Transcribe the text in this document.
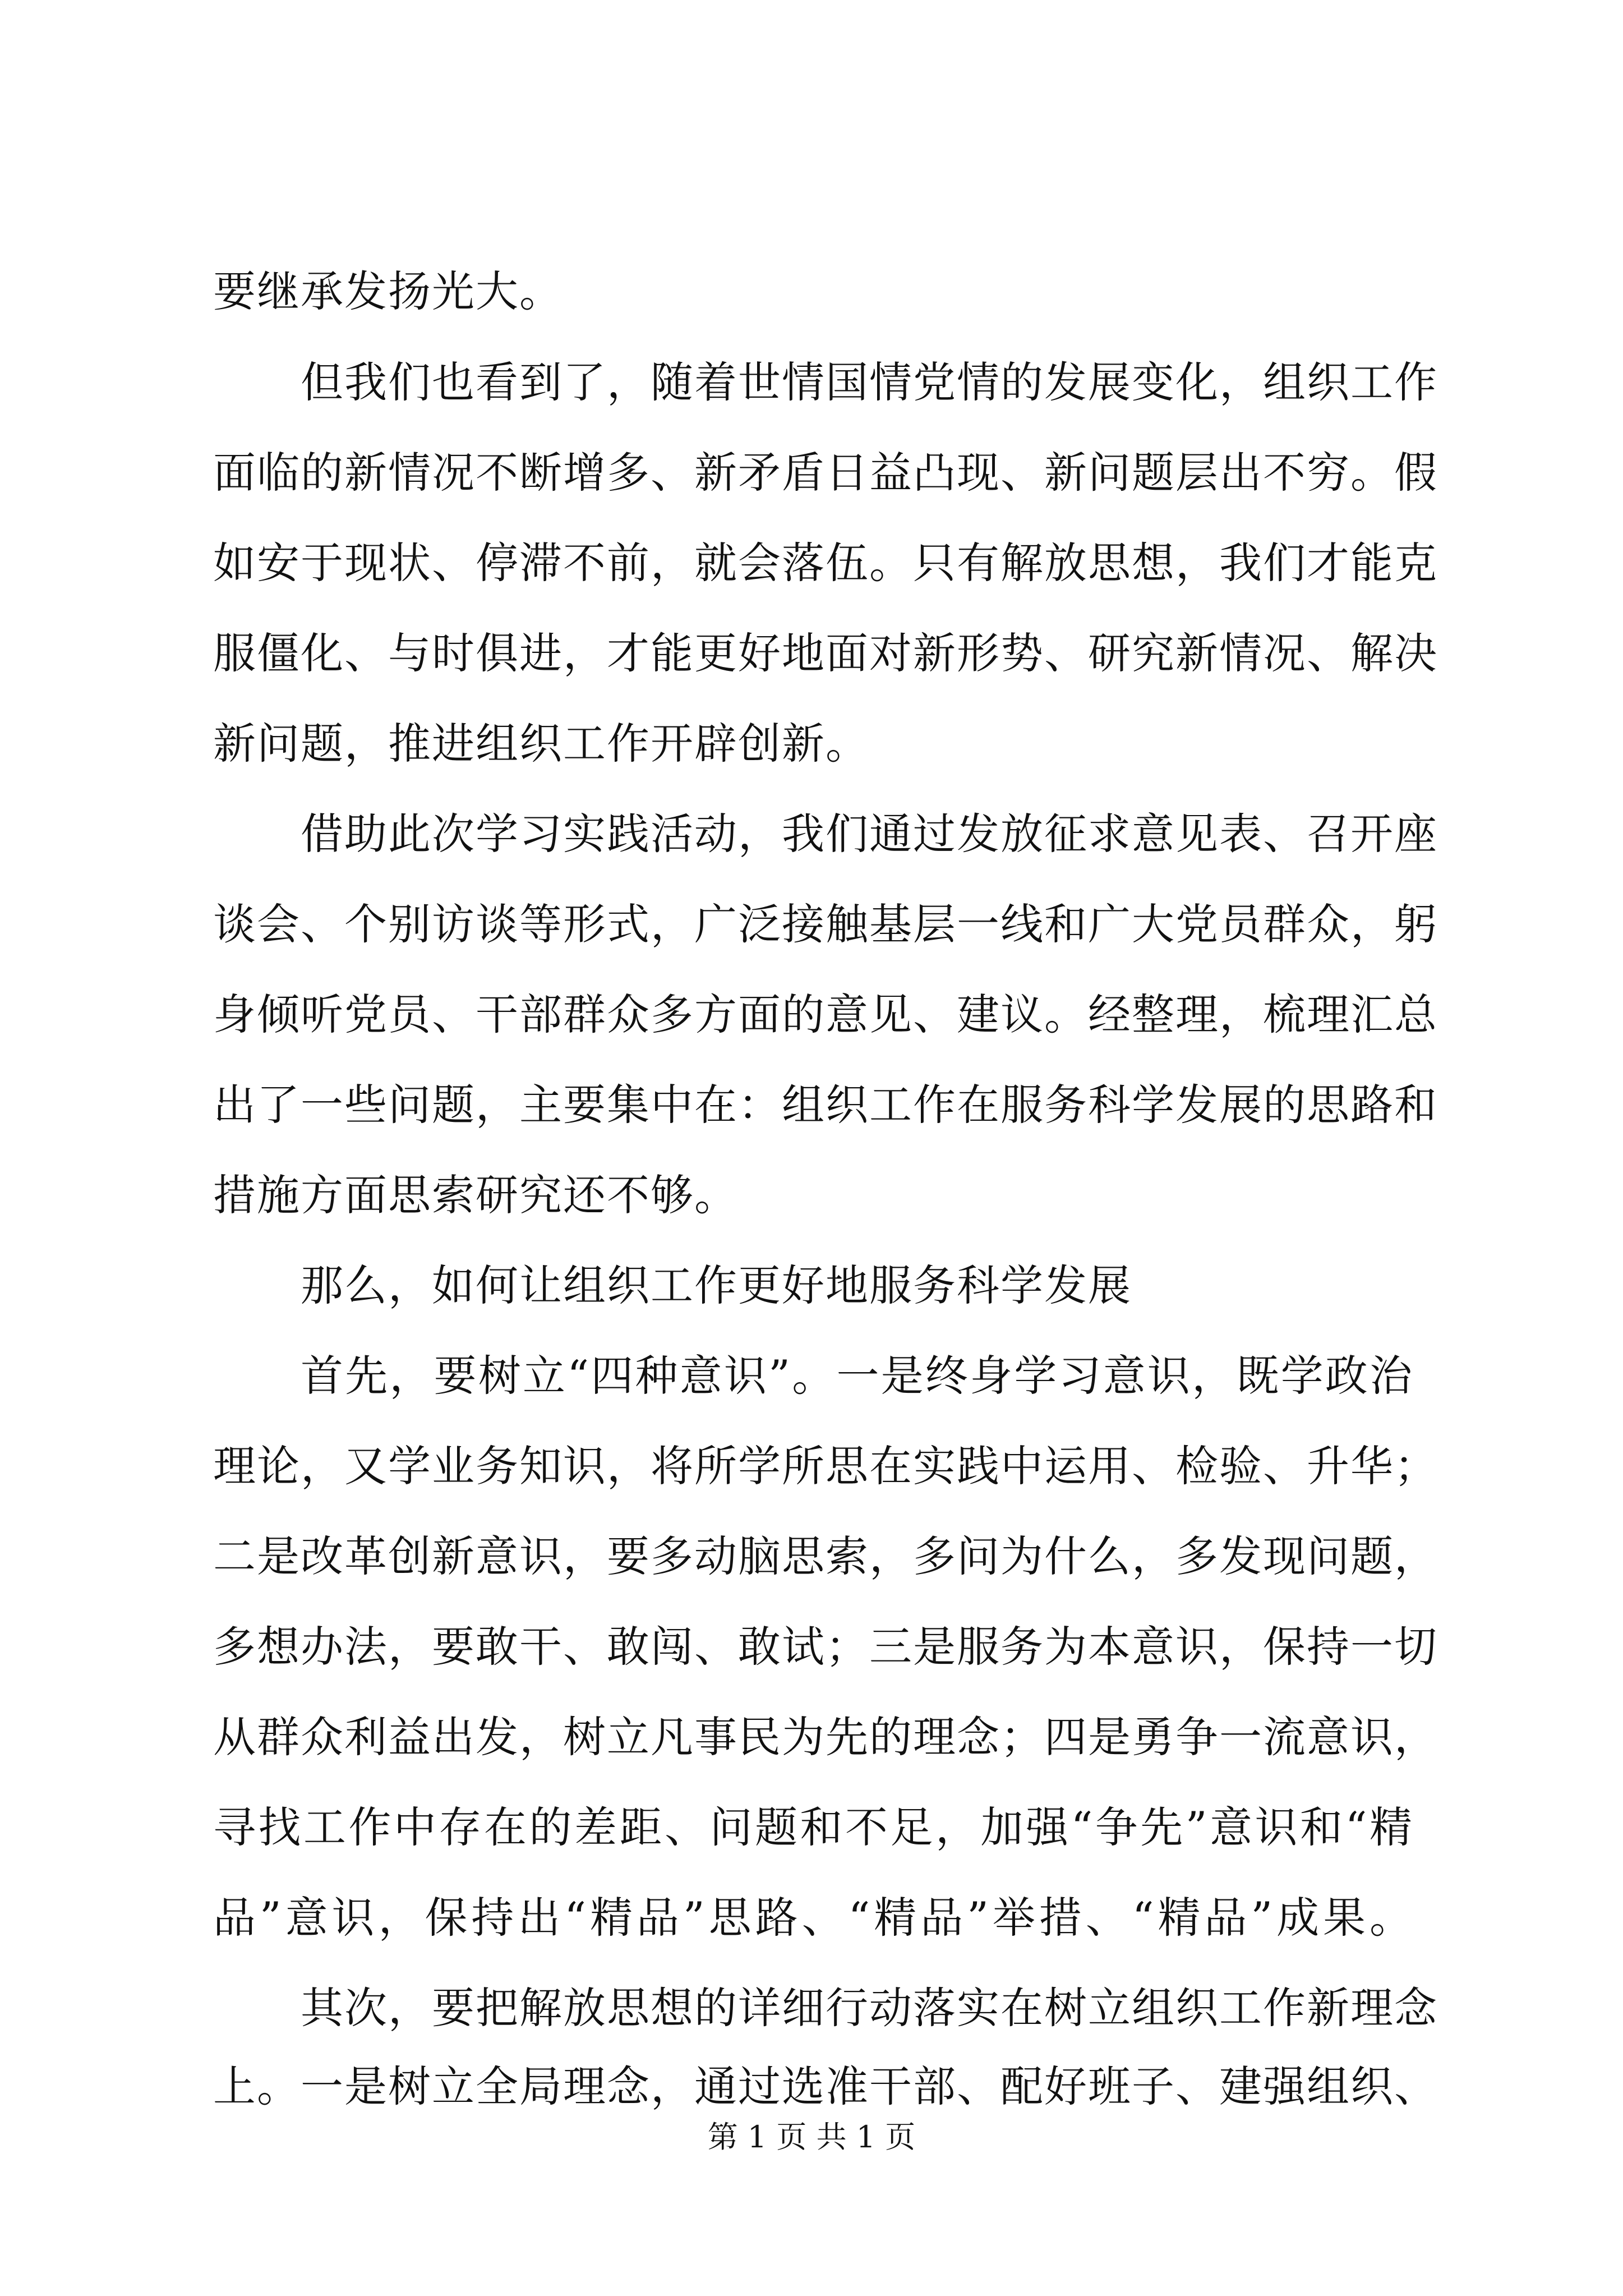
要继承发扬光大。
但我们也看到了，随着世情国情党情的发展变化，组织工作
面临的新情况不断增多、新矛盾日益凸现、新问题层出不穷。假
如安于现状、停滞不前，就会落伍。只有解放思想，我们才能克
服僵化、与时俱进，才能更好地面对新形势、研究新情况、解决
新问题，推进组织工作开辟创新。
借助此次学习实践活动，我们通过发放征求意见表、召开座
谈会、个别访谈等形式，广泛接触基层一线和广大党员群众，躬
身倾听党员、干部群众多方面的意见、建议。经整理，梳理汇总
出了一些问题，主要集中在：组织工作在服务科学发展的思路和
措施方面思索研究还不够。
那么，如何让组织工作更好地服务科学发展
首先，要树立“四种意识”。一是终身学习意识，既学政治
理论，又学业务知识，将所学所思在实践中运用、检验、升华；
二是改革创新意识，要多动脑思索，多问为什么，多发现问题，
多想办法，要敢干、敢闯、敢试；三是服务为本意识，保持一切
从群众利益出发，树立凡事民为先的理念；四是勇争一流意识，
寻找工作中存在的差距、问题和不足，加强“争先”意识和“精
品”意识，保持出“精品”思路、“精品”举措、“精品”成果。
其次，要把解放思想的详细行动落实在树立组织工作新理念
上。一是树立全局理念，通过选准干部、配好班子、建强组织、
第 1 页 共 1 页
